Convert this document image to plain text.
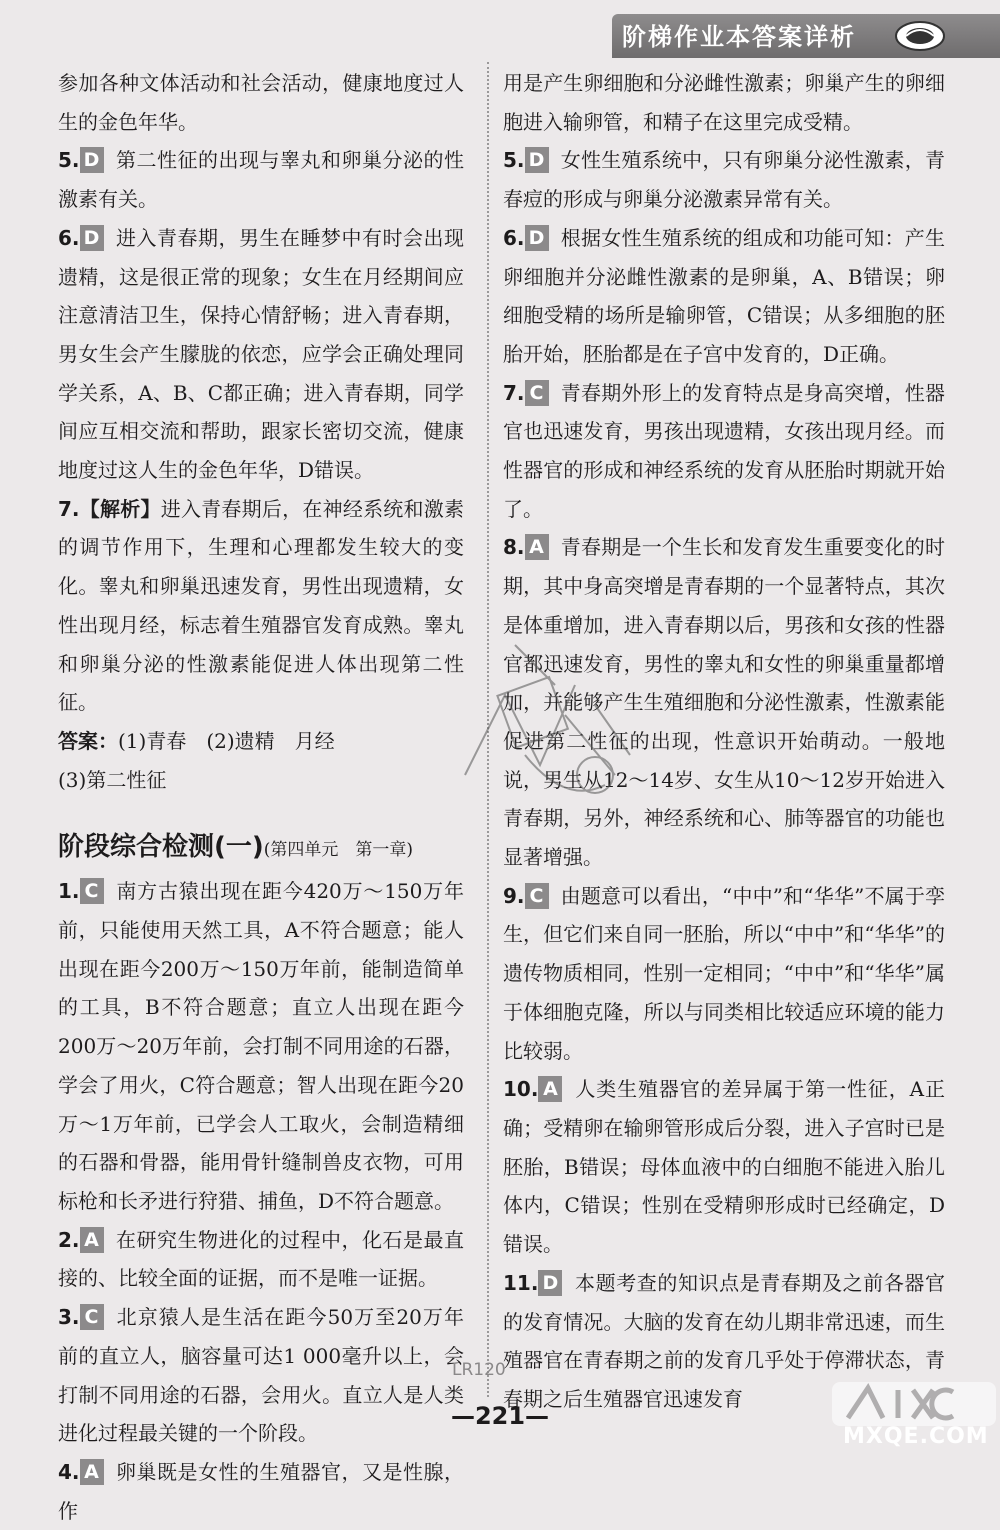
阶梯作业本答案详析

参加各种文体活动和社会活动，健康地度过人生的金色年华。

5. D 第二性征的出现与睾丸和卵巢分泌的性激素有关。

6. D 进入青春期，男生在睡梦中有时会出现遗精，这是很正常的现象；女生在月经期间应注意清洁卫生，保持心情舒畅；进入青春期，男女生会产生朦胧的依恋，应学会正确处理同学关系，A、B、C都正确；进入青春期，同学间应互相交流和帮助，跟家长密切交流，健康地度过这人生的金色年华，D错误。

7.【解析】进入青春期后，在神经系统和激素的调节作用下，生理和心理都发生较大的变化。睾丸和卵巢迅速发育，男性出现遗精，女性出现月经，标志着生殖器官发育成熟。睾丸和卵巢分泌的性激素能促进人体出现第二性征。

答案：(1)青春　(2)遗精　月经

(3)第二性征

阶段综合检测(一)(第四单元　第一章)

1. C 南方古猿出现在距今420万～150万年前，只能使用天然工具，A不符合题意；能人出现在距今200万～150万年前，能制造简单的工具，B不符合题意；直立人出现在距今200万～20万年前，会打制不同用途的石器，学会了用火，C符合题意；智人出现在距今20万～1万年前，已学会人工取火，会制造精细的石器和骨器，能用骨针缝制兽皮衣物，可用标枪和长矛进行狩猎、捕鱼，D不符合题意。

2. A 在研究生物进化的过程中，化石是最直接的、比较全面的证据，而不是唯一证据。

3. C 北京猿人是生活在距今50万至20万年前的直立人，脑容量可达1 000毫升以上，会打制不同用途的石器，会用火。直立人是人类进化过程最关键的一个阶段。

4. A 卵巢既是女性的生殖器官，又是性腺，作

用是产生卵细胞和分泌雌性激素；卵巢产生的卵细胞进入输卵管，和精子在这里完成受精。

5. D 女性生殖系统中，只有卵巢分泌性激素，青春痘的形成与卵巢分泌激素异常有关。

6. D 根据女性生殖系统的组成和功能可知：产生卵细胞并分泌雌性激素的是卵巢，A、B错误；卵细胞受精的场所是输卵管，C错误；从多细胞的胚胎开始，胚胎都是在子宫中发育的，D正确。

7. C 青春期外形上的发育特点是身高突增，性器官也迅速发育，男孩出现遗精，女孩出现月经。而性器官的形成和神经系统的发育从胚胎时期就开始了。

8. A 青春期是一个生长和发育发生重要变化的时期，其中身高突增是青春期的一个显著特点，其次是体重增加，进入青春期以后，男孩和女孩的性器官都迅速发育，男性的睾丸和女性的卵巢重量都增加，并能够产生生殖细胞和分泌性激素，性激素能促进第二性征的出现，性意识开始萌动。一般地说，男生从12～14岁、女生从10～12岁开始进入青春期，另外，神经系统和心、肺等器官的功能也显著增强。

9. C 由题意可以看出，“中中”和“华华”不属于孪生，但它们来自同一胚胎，所以“中中”和“华华”的遗传物质相同，性别一定相同；“中中”和“华华”属于体细胞克隆，所以与同类相比较适应环境的能力比较弱。

10. A 人类生殖器官的差异属于第一性征，A正确；受精卵在输卵管形成后分裂，进入子宫时已是胚胎，B错误；母体血液中的白细胞不能进入胎儿体内，C错误；性别在受精卵形成时已经确定，D错误。

11. D 本题考查的知识点是青春期及之前各器官的发育情况。大脑的发育在幼儿期非常迅速，而生殖器官在青春期之前的发育几乎处于停滞状态，青春期之后生殖器官迅速发育

LR120
—221—
MXQE.COM
